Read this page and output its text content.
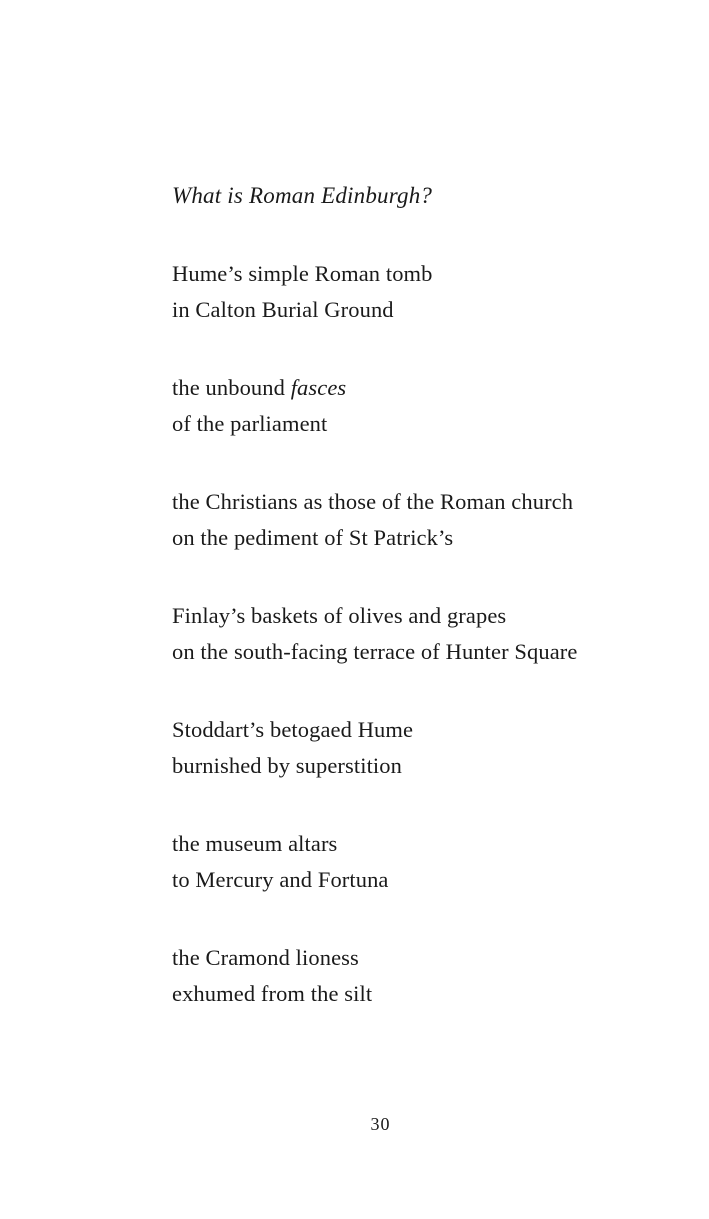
What is Roman Edinburgh?
Hume’s simple Roman tomb
in Calton Burial Ground
the unbound fasces
of the parliament
the Christians as those of the Roman church
on the pediment of St Patrick’s
Finlay’s baskets of olives and grapes
on the south-facing terrace of Hunter Square
Stoddart’s betogaed Hume
burnished by superstition
the museum altars
to Mercury and Fortuna
the Cramond lioness
exhumed from the silt
30
